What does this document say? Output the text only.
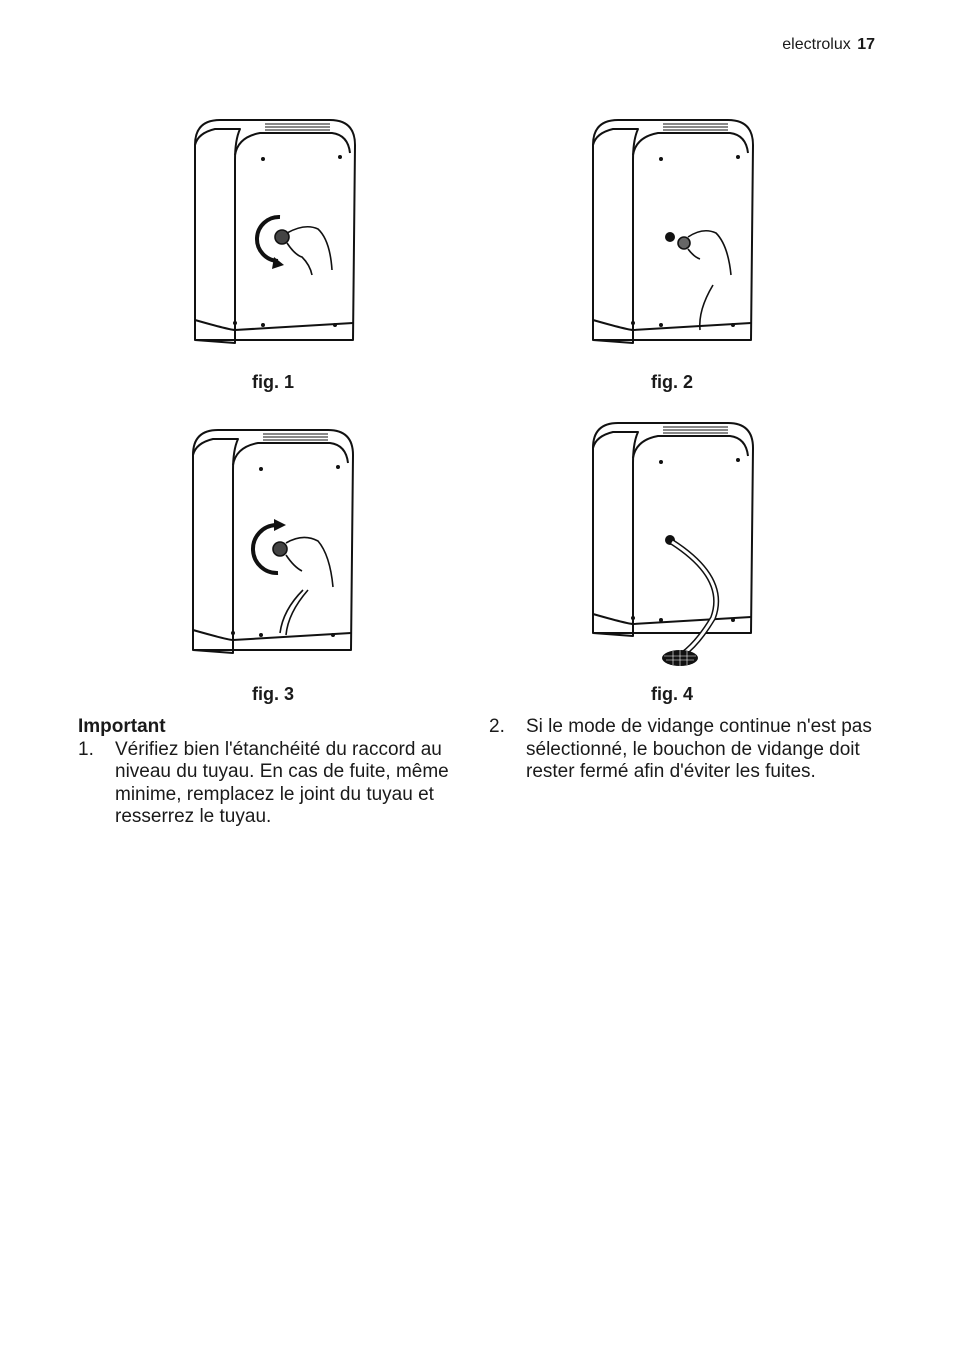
electrolux 17
fig. 1	fig. 2
fig. 3	fig. 4
Important
1.	Vérifiez bien l'étanchéité du raccord au niveau du tuyau. En cas de fuite, même minime, remplacez le joint du tuyau et resserrez le tuyau.
2.	Si le mode de vidange continue n'est pas sélectionné, le bouchon de vidange doit rester fermé afin d'éviter les fuites.
